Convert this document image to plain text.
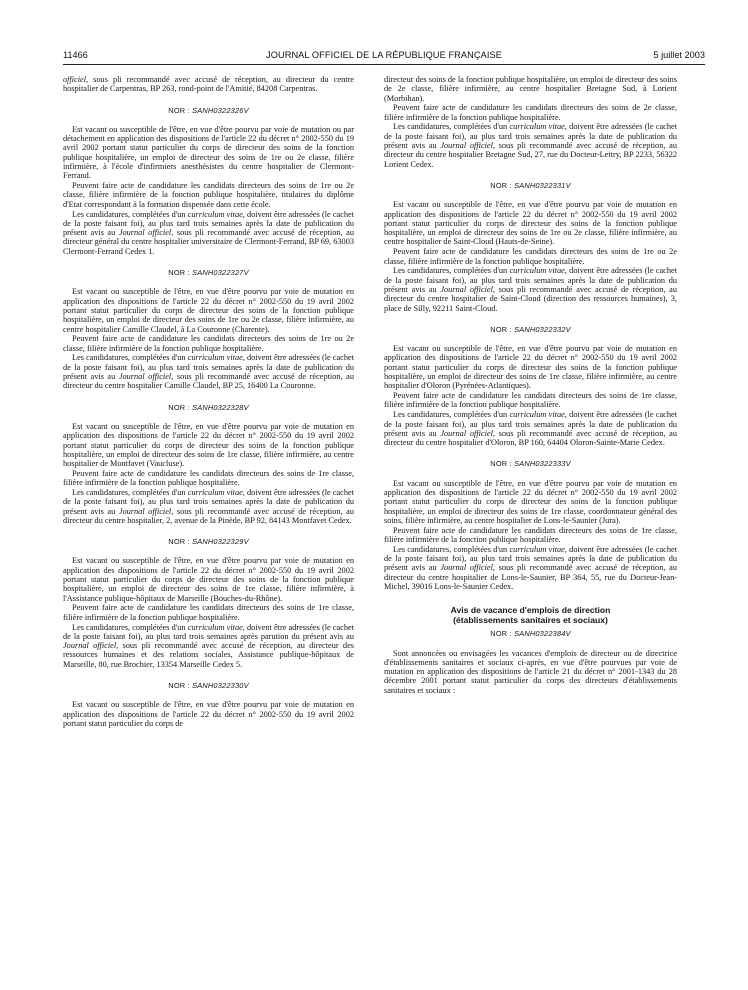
11466	JOURNAL OFFICIEL DE LA RÉPUBLIQUE FRANÇAISE	5 juillet 2003

officiel, sous pli recommandé avec accusé de réception, au directeur du centre hospitalier de Carpentras, BP 263, rond-point de l'Amitié, 84208 Carpentras.

NOR : SANH0322326V

Est vacant ou susceptible de l'être, en vue d'être pourvu par voie de mutation ou par détachement en application des dispositions de l'article 22 du décret n° 2002-550 du 19 avril 2002 portant statut particulier du corps de directeur des soins de la fonction publique hospitalière, un emploi de directeur des soins de 1re ou 2e classe, filière infirmière, à l'école d'infirmiers anesthésistes du centre hospitalier de Clermont-Ferrand.

Peuvent faire acte de candidature les candidats directeurs des soins de 1re ou 2e classe, filière infirmière de la fonction publique hospitalière, titulaires du diplôme d'Etat correspondant à la formation dispensée dans cette école.

Les candidatures, complétées d'un curriculum vitae, doivent être adressées (le cachet de la poste faisant foi), au plus tard trois semaines après la date de publication du présent avis au Journal officiel, sous pli recommandé avec accusé de réception, au directeur général du centre hospitalier universitaire de Clermont-Ferrand, BP 69, 63003 Clermont-Ferrand Cedex 1.

NOR : SANH0322327V

Est vacant ou susceptible de l'être, en vue d'être pourvu par voie de mutation en application des dispositions de l'article 22 du décret n° 2002-550 du 19 avril 2002 portant statut particulier du corps de directeur des soins de la fonction publique hospitalière, un emploi de directeur des soins de 1re ou 2e classe, filière infirmière, au centre hospitalier Camille Claudel, à La Couronne (Charente).

Peuvent faire acte de candidature les candidats directeurs des soins de 1re ou 2e classe, filière infirmière de la fonction publique hospitalière.

Les candidatures, complétées d'un curriculum vitae, doivent être adressées (le cachet de la poste faisant foi), au plus tard trois semaines après la date de publication du présent avis au Journal officiel, sous pli recommandé avec accusé de réception, au directeur du centre hospitalier Camille Claudel, BP 25, 16400 La Couronne.

NOR : SANH0322328V

Est vacant ou susceptible de l'être, en vue d'être pourvu par voie de mutation en application des dispositions de l'article 22 du décret n° 2002-550 du 19 avril 2002 portant statut particulier du corps de directeur des soins de la fonction publique hospitalière, un emploi de directeur des soins de 1re classe, filière infirmière, au centre hospitalier de Montfavet (Vaucluse).

Peuvent faire acte de candidature les candidats directeurs des soins de 1re classe, filière infirmière de la fonction publique hospitalière.

Les candidatures, complétées d'un curriculum vitae, doivent être adressées (le cachet de la poste faisant foi), au plus tard trois semaines après la date de publication du présent avis au Journal officiel, sous pli recommandé avec accusé de réception, au directeur du centre hospitalier, 2, avenue de la Pinède, BP 92, 84143 Montfavet Cedex.

NOR : SANH0322329V

Est vacant ou susceptible de l'être, en vue d'être pourvu par voie de mutation en application des dispositions de l'article 22 du décret n° 2002-550 du 19 avril 2002 portant statut particulier du corps de directeur des soins de la fonction publique hospitalière, un emploi de directeur des soins de 1re classe, filière infirmière, à l'Assistance publique-hôpitaux de Marseille (Bouches-du-Rhône).

Peuvent faire acte de candidature les candidats directeurs des soins de 1re classe, filière infirmière de la fonction publique hospitalière.

Les candidatures, complétées d'un curriculum vitae, doivent être adressées (le cachet de la poste faisant foi), au plus tard trois semaines après parution du présent avis au Journal officiel, sous pli recommandé avec accusé de réception, au directeur des ressources humaines et des relations sociales, Assistance publique-hôpitaux de Marseille, 80, rue Brochier, 13354 Marseille Cedex 5.

NOR : SANH0322330V

Est vacant ou susceptible de l'être, en vue d'être pourvu par voie de mutation en application des dispositions de l'article 22 du décret n° 2002-550 du 19 avril 2002 portant statut particulier du corps de

directeur des soins de la fonction publique hospitalière, un emploi de directeur des soins de 2e classe, filière infirmière, au centre hospitalier Bretagne Sud, à Lorient (Morbihan).

Peuvent faire acte de candidature les candidats directeurs des soins de 2e classe, filière infirmière de la fonction publique hospitalière.

Les candidatures, complétées d'un curriculum vitae, doivent être adressées (le cachet de la poste faisant foi), au plus tard trois semaines après la date de publication du présent avis au Journal officiel, sous pli recommandé avec accusé de réception, au directeur du centre hospitalier Bretagne Sud, 27, rue du Docteur-Lettry, BP 2233, 56322 Lorient Cedex.

NOR : SANH0322331V

Est vacant ou susceptible de l'être, en vue d'être pourvu par voie de mutation en application des dispositions de l'article 22 du décret n° 2002-550 du 19 avril 2002 portant statut particulier du corps de directeur des soins de la fonction publique hospitalière, un emploi de directeur des soins de 1re ou 2e classe, filière infirmière, au centre hospitalier de Saint-Cloud (Hauts-de-Seine).

Peuvent faire acte de candidature les candidats directeurs des soins de 1re ou 2e classe, filière infirmière de la fonction publique hospitalière.

Les candidatures, complétées d'un curriculum vitae, doivent être adressées (le cachet de la poste faisant foi), au plus tard trois semaines après la date de publication du présent avis au Journal officiel, sous pli recommandé avec accusé de réception, au directeur du centre hospitalier de Saint-Cloud (direction des ressources humaines), 3, place de Silly, 92211 Saint-Cloud.

NOR : SANH0322332V

Est vacant ou susceptible de l'être, en vue d'être pourvu par voie de mutation en application des dispositions de l'article 22 du décret n° 2002-550 du 19 avril 2002 portant statut particulier du corps de directeur des soins de la fonction publique hospitalière, un emploi de directeur des soins de 1re classe, filière infirmière, au centre hospitalier d'Oloron (Pyrénées-Atlantiques).

Peuvent faire acte de candidature les candidats directeurs des soins de 1re classe, filière infirmière de la fonction publique hospitalière.

Les candidatures, complétées d'un curriculum vitae, doivent être adressées (le cachet de la poste faisant foi), au plus tard trois semaines après la date de publication du présent avis au Journal officiel, sous pli recommandé avec accusé de réception, au directeur du centre hospitalier d'Oloron, BP 160, 64404 Oloron-Sainte-Marie Cedex.

NOR : SANH0322333V

Est vacant ou susceptible de l'être, en vue d'être pourvu par voie de mutation en application des dispositions de l'article 22 du décret n° 2002-550 du 19 avril 2002 portant statut particulier du corps de directeur des soins de la fonction publique hospitalière, un emploi de directeur des soins de 1re classe, coordonnateur général des soins, filière infirmière, au centre hospitalier de Lons-le-Saunier (Jura).

Peuvent faire acte de candidature les candidats directeurs des soins de 1re classe, filière infirmière de la fonction publique hospitalière.

Les candidatures, complétées d'un curriculum vitae, doivent être adressées (le cachet de la poste faisant foi), au plus tard trois semaines après la date de publication du présent avis au Journal officiel, sous pli recommandé avec accusé de réception, au directeur du centre hospitalier de Lons-le-Saunier, BP 364, 55, rue du Docteur-Jean-Michel, 39016 Lons-le-Saunier Cedex.

Avis de vacance d'emplois de direction
(établissements sanitaires et sociaux)

NOR : SANH0322384V

Sont annoncées ou envisagées les vacances d'emplois de directeur ou de directrice d'établissements sanitaires et sociaux ci-après, en vue d'être pourvues par voie de mutation en application des dispositions de l'article 21 du décret n° 2001-1343 du 28 décembre 2001 portant statut particulier du corps des directeurs d'établissements sanitaires et sociaux :
